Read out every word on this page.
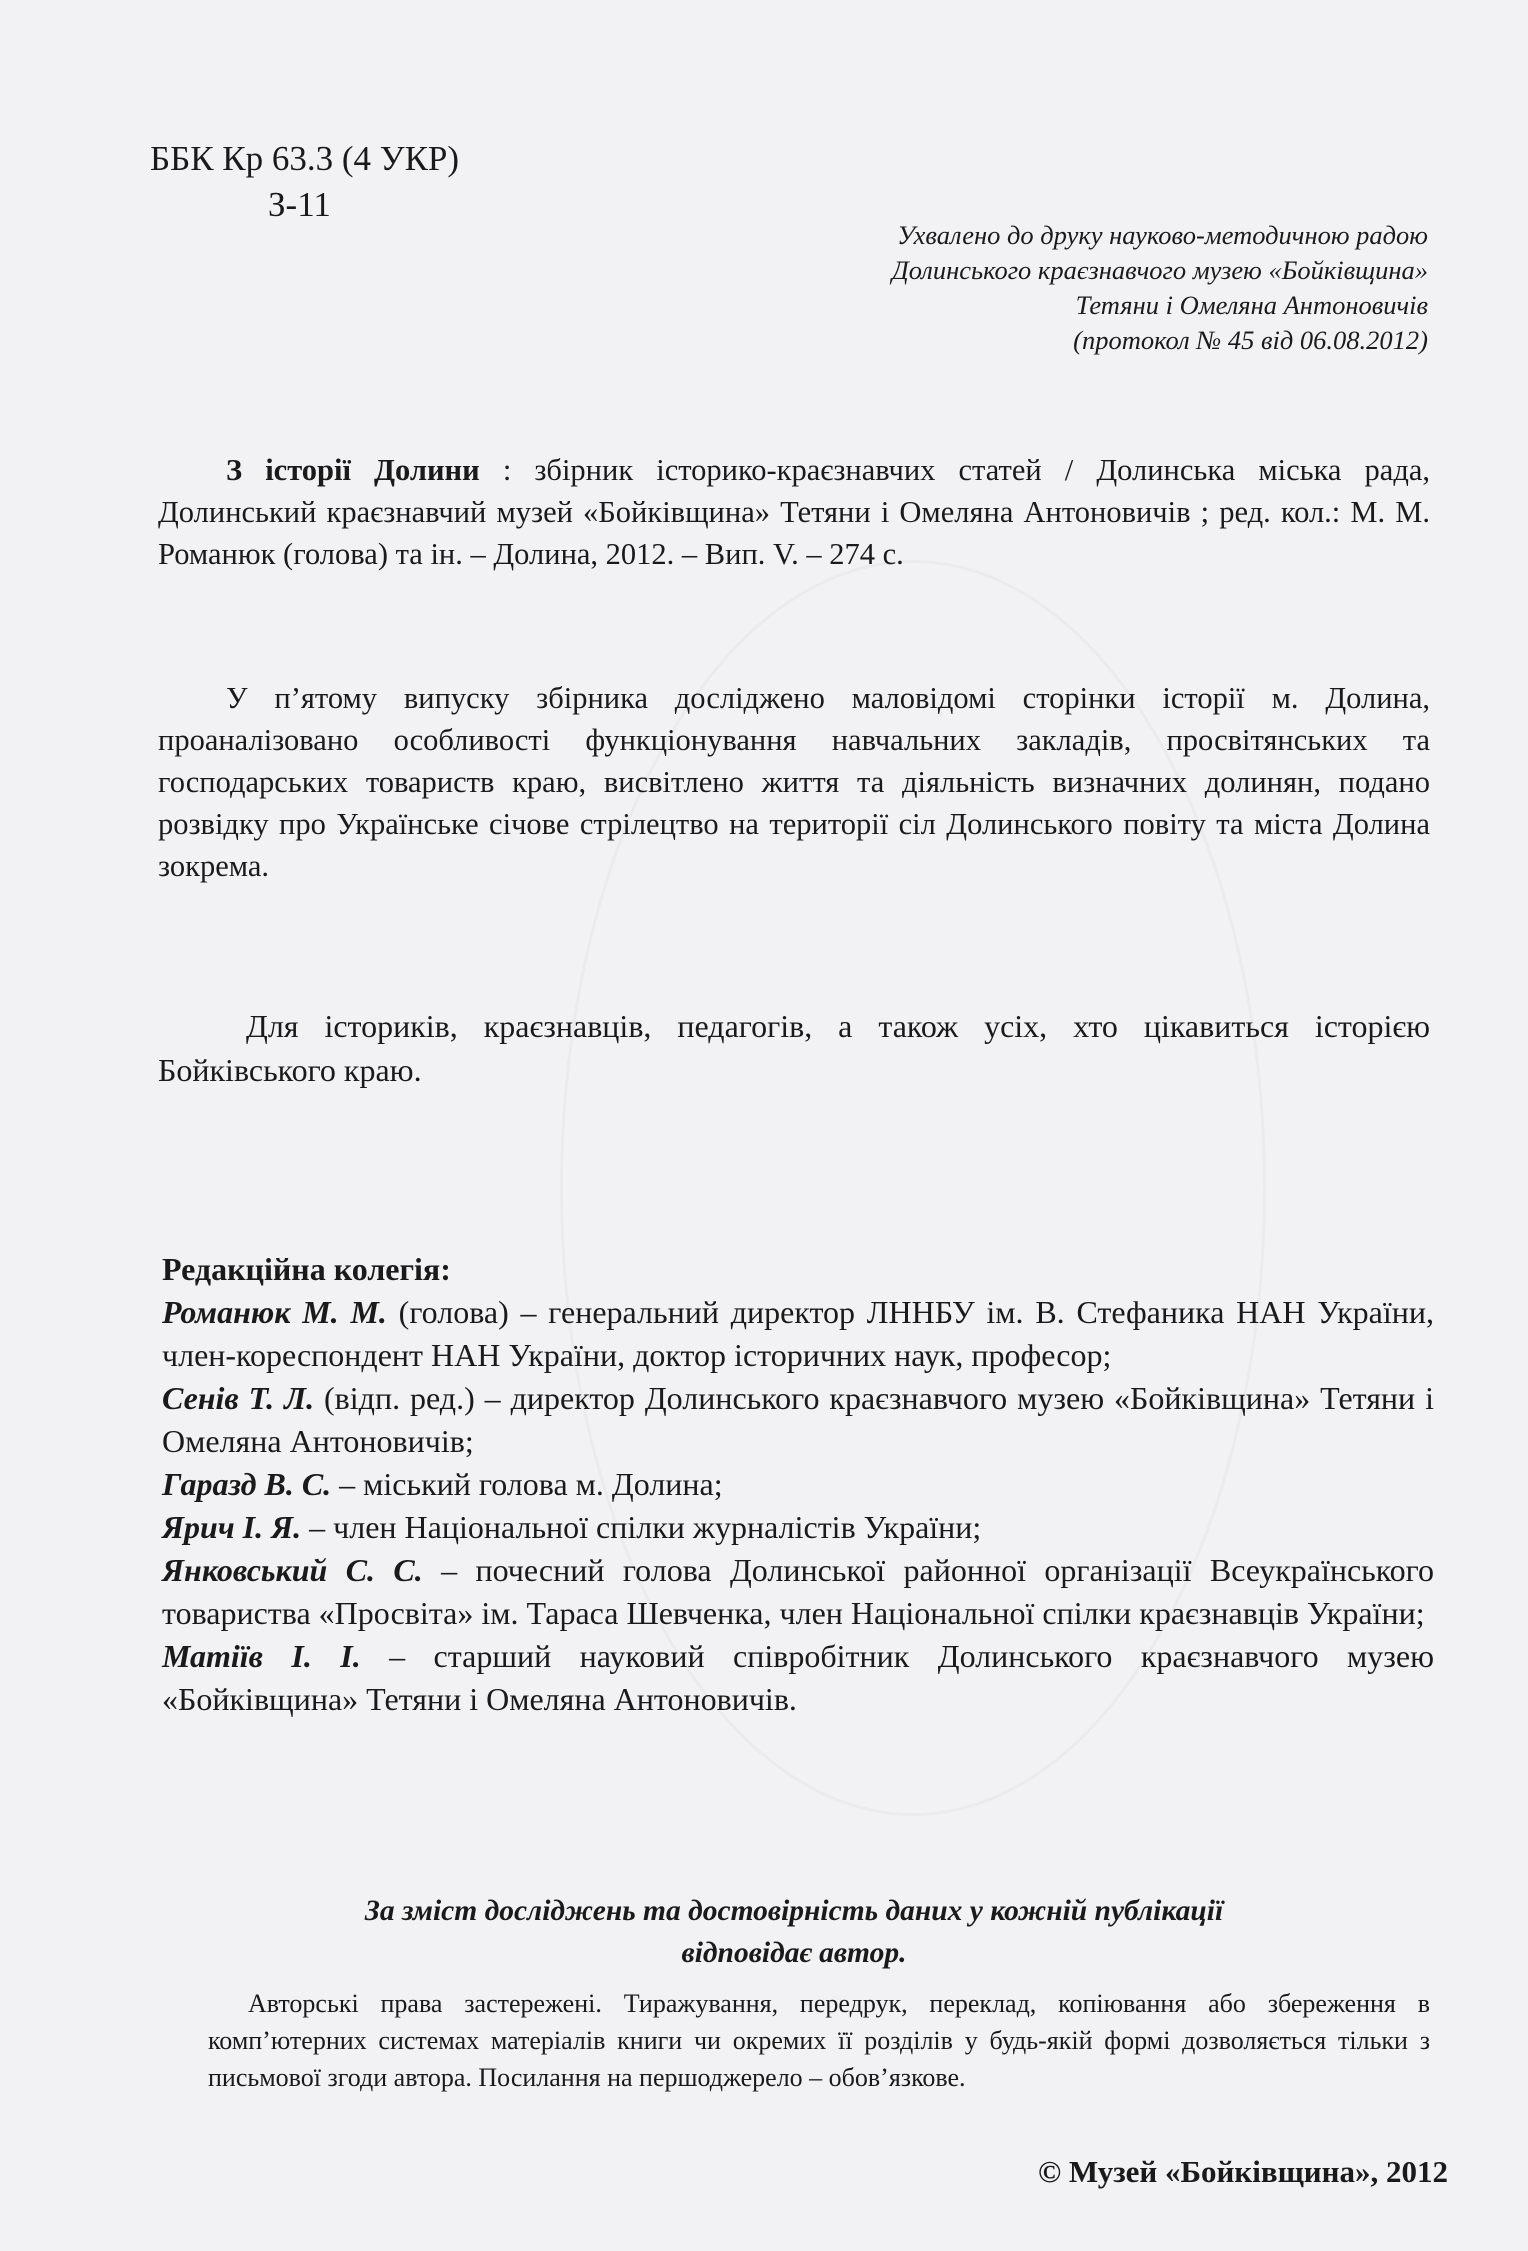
ББК Кр 63.3 (4 УКР)
З-11
Ухвалено до друку науково-методичною радою
Долинського краєзнавчого музею «Бойківщина»
Тетяни і Омеляна Антоновичів
(протокол № 45 від 06.08.2012)

З історії Долини : збірник історико-краєзнавчих статей / Долинська міська рада, Долинський краєзнавчий музей «Бойківщина» Тетяни і Омеляна Антоновичів ; ред. кол.: М. М. Романюк (голова) та ін. – Долина, 2012. – Вип. V. – 274 с.

У п’ятому випуску збірника досліджено маловідомі сторінки історії м. Долина, проаналізовано особливості функціонування навчальних закладів, просвітянських та господарських товариств краю, висвітлено життя та діяльність визначних долинян, подано розвідку про Українське січове стрілецтво на території сіл Долинського повіту та міста Долина зокрема.

Для істориків, краєзнавців, педагогів, а також усіх, хто цікавиться історією Бойківського краю.

Редакційна колегія:

Романюк М. М. (голова) – генеральний директор ЛННБУ ім. В. Стефаника НАН України, член-кореспондент НАН України, доктор історичних наук, професор;

Сенів Т. Л. (відп. ред.) – директор Долинського краєзнавчого музею «Бойківщина» Тетяни і Омеляна Антоновичів;

Гаразд В. С. – міський голова м. Долина;

Ярич І. Я. – член Національної спілки журналістів України;

Янковський С. С. – почесний голова Долинської районної організації Всеукраїнського товариства «Просвіта» ім. Тараса Шевченка, член Національної спілки краєзнавців України;

Матіїв І. І. – старший науковий співробітник Долинського краєзнавчого музею «Бойківщина» Тетяни і Омеляна Антоновичів.

За зміст досліджень та достовірність даних у кожній публікації
відповідає автор.

Авторські права застережені. Тиражування, передрук, переклад, копіювання або збереження в комп’ютерних системах матеріалів книги чи окремих її розділів у будь-якій формі дозволяється тільки з письмової згоди автора. Посилання на першоджерело – обов’язкове.

© Музей «Бойківщина», 2012
